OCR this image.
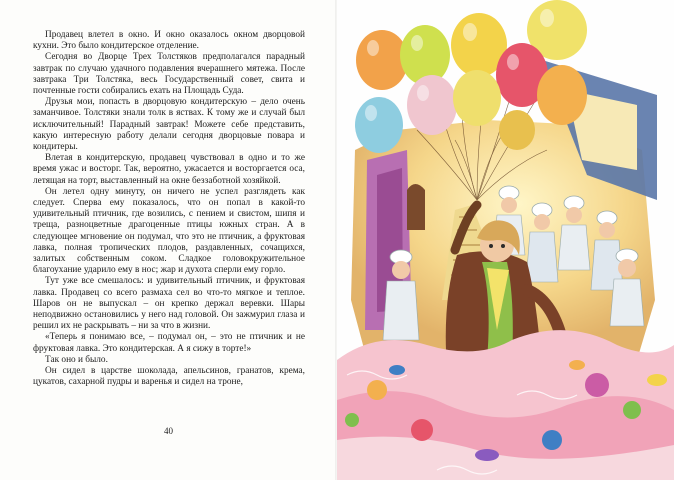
Продавец влетел в окно. И окно оказалось окном дворцовой кухни. Это было кондитерское отделение.

Сегодня во Дворце Трех Толстяков предполагался парадный завтрак по случаю удачного подавления вчерашнего мятежа. После завтрака Три Толстяка, весь Государственный совет, свита и почтенные гости собирались ехать на Площадь Суда.

Друзья мои, попасть в дворцовую кондитерскую – дело очень заманчивое. Толстяки знали толк в яствах. К тому же и случай был исключительный! Парадный завтрак! Можете себе представить, какую интересную работу делали сегодня дворцовые повара и кондитеры.

Влетая в кондитерскую, продавец чувствовал в одно и то же время ужас и восторг. Так, вероятно, ужасается и восторгается оса, летящая на торт, выставленный на окне беззаботной хозяйкой.

Он летел одну минуту, он ничего не успел разглядеть как следует. Сперва ему показалось, что он попал в какой-то удивительный птичник, где возились, с пением и свистом, шипя и треща, разноцветные драгоценные птицы южных стран. А в следующее мгновение он подумал, что это не птичник, а фруктовая лавка, полная тропических плодов, раздавленных, сочащихся, залитых собственным соком. Сладкое головокружительное благоухание ударило ему в нос; жар и духота сперли ему горло.

Тут уже все смешалось: и удивительный птичник, и фруктовая лавка. Продавец со всего размаха сел во что-то мягкое и теплое. Шаров он не выпускал – он крепко держал веревки. Шары неподвижно остановились у него над головой. Он зажмурил глаза и решил их не раскрывать – ни за что в жизни.

«Теперь я понимаю все, – подумал он, – это не птичник и не фруктовая лавка. Это кондитерская. А я сижу в торте!»

Так оно и было.

Он сидел в царстве шоколада, апельсинов, гранатов, крема, цукатов, сахарной пудры и варенья и сидел на троне,

40
